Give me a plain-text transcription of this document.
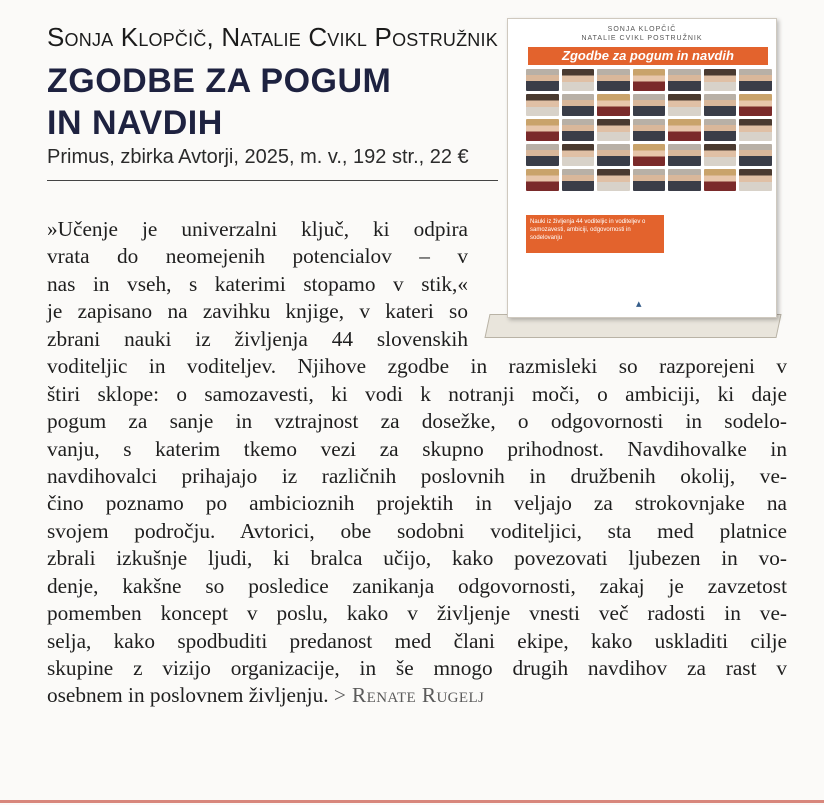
Sonja Klopčič, Natalie Cvikl Postružnik
ZGODBE ZA POGUM
IN NAVDIH
Primus, zbirka Avtorji, 2025, m. v., 192 str., 22 €
SONJA KLOPČIČ
NATALIE CVIKL POSTRUŽNIK
Zgodbe za pogum in navdih
Nauki iz življenja 44 voditeljic in voditeljev o samozavesti, ambiciji, odgovornosti in sodelovanju
▴
»Učenje je univerzalni ključ, ki odpira
vrata do neomejenih potencialov – v
nas in vseh, s katerimi stopamo v stik,«
je zapisano na zavihku knjige, v kateri so
zbrani nauki iz življenja 44 slovenskih
voditeljic in voditeljev. Njihove zgodbe in razmisleki so razporejeni v
štiri sklope: o samozavesti, ki vodi k notranji moči, o ambiciji, ki daje
pogum za sanje in vztrajnost za dosežke, o odgovornosti in sodelo-
vanju, s katerim tkemo vezi za skupno prihodnost. Navdihovalke in
navdihovalci prihajajo iz različnih poslovnih in družbenih okolij, ve-
čino poznamo po ambicioznih projektih in veljajo za strokovnjake na
svojem področju. Avtorici, obe sodobni voditeljici, sta med platnice
zbrali izkušnje ljudi, ki bralca učijo, kako povezovati ljubezen in vo-
denje, kakšne so posledice zanikanja odgovornosti, zakaj je zavzetost
pomemben koncept v poslu, kako v življenje vnesti več radosti in ve-
selja, kako spodbuditi predanost med člani ekipe, kako uskladiti cilje
skupine z vizijo organizacije, in še mnogo drugih navdihov za rast v
osebnem in poslovnem življenju. > Renate Rugelj
